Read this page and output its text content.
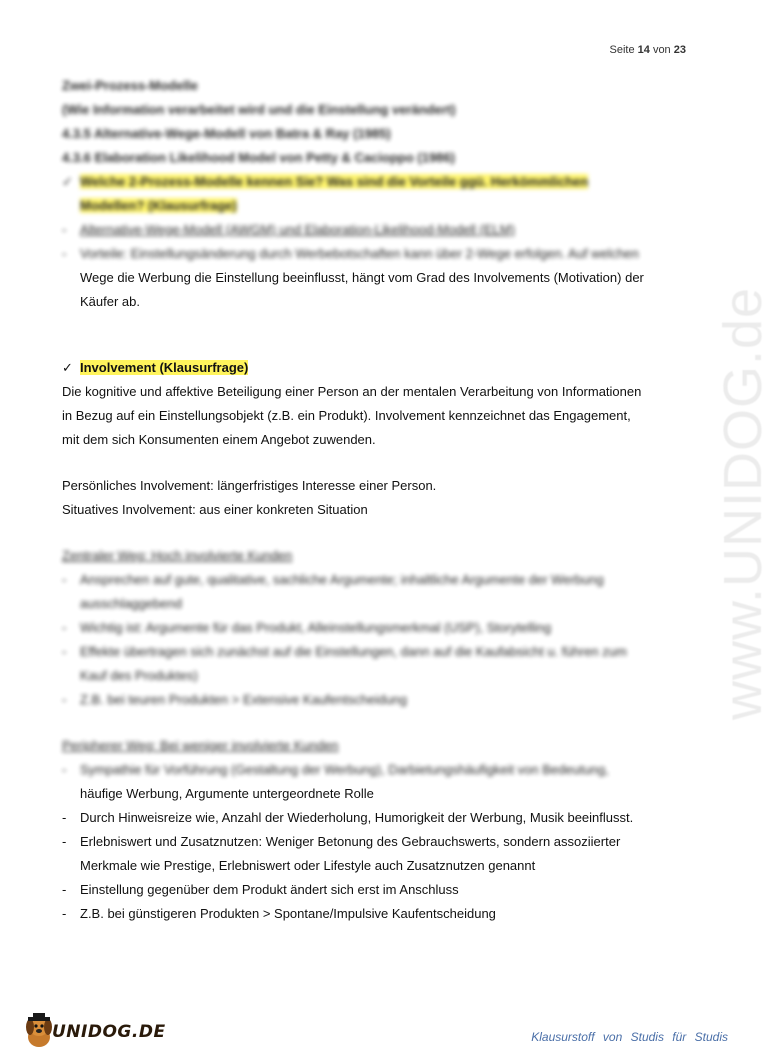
Seite 14 von 23
www.UNIDOG.de
Zwei-Prozess-Modelle
(Wie Information verarbeitet wird und die Einstellung verändert)
4.3.5 Alternative-Wege-Modell von Batra & Ray (1985)
4.3.6 Elaboration Likelihood Model von Petty & Cacioppo (1986)
✓ Welche 2-Prozess-Modelle kennen Sie? Was sind die Vorteile ggü. Herkömmlichen
Modellen? (Klausurfrage)
- Alternative-Wege-Modell (AWGM) und Elaboration-Likelihood-Modell (ELM)
- Vorteile: Einstellungsänderung durch Werbebotschaften kann über 2-Wege erfolgen. Auf welchen
Wege die Werbung die Einstellung beeinflusst, hängt vom Grad des Involvements (Motivation) der
Käufer ab.
✓ Involvement (Klausurfrage)
Die kognitive und affektive Beteiligung einer Person an der mentalen Verarbeitung von Informationen
in Bezug auf ein Einstellungsobjekt (z.B. ein Produkt). Involvement kennzeichnet das Engagement,
mit dem sich Konsumenten einem Angebot zuwenden.
Persönliches Involvement: längerfristiges Interesse einer Person.
Situatives Involvement: aus einer konkreten Situation
Zentraler Weg: Hoch involvierte Kunden
- Ansprechen auf gute, qualitative, sachliche Argumente; inhaltliche Argumente der Werbung
ausschlaggebend
- Wichtig ist: Argumente für das Produkt, Alleinstellungsmerkmal (USP), Storytelling
- Effekte übertragen sich zunächst auf die Einstellungen, dann auf die Kaufabsicht u. führen zum
Kauf des Produktes)
- Z.B. bei teuren Produkten > Extensive Kaufentscheidung
Peripherer Weg: Bei weniger involvierte Kunden
- Sympathie für Vorführung (Gestaltung der Werbung), Darbietungshäufigkeit von Bedeutung,
häufige Werbung, Argumente untergeordnete Rolle
- Durch Hinweisreize wie, Anzahl der Wiederholung, Humorigkeit der Werbung, Musik beeinflusst.
- Erlebniswert und Zusatznutzen: Weniger Betonung des Gebrauchswerts, sondern assoziierter
Merkmale wie Prestige, Erlebniswert oder Lifestyle auch Zusatznutzen genannt
- Einstellung gegenüber dem Produkt ändert sich erst im Anschluss
- Z.B. bei günstigeren Produkten > Spontane/Impulsive Kaufentscheidung
UNIDOG.DE	Klausurstoff von Studis für Studis
